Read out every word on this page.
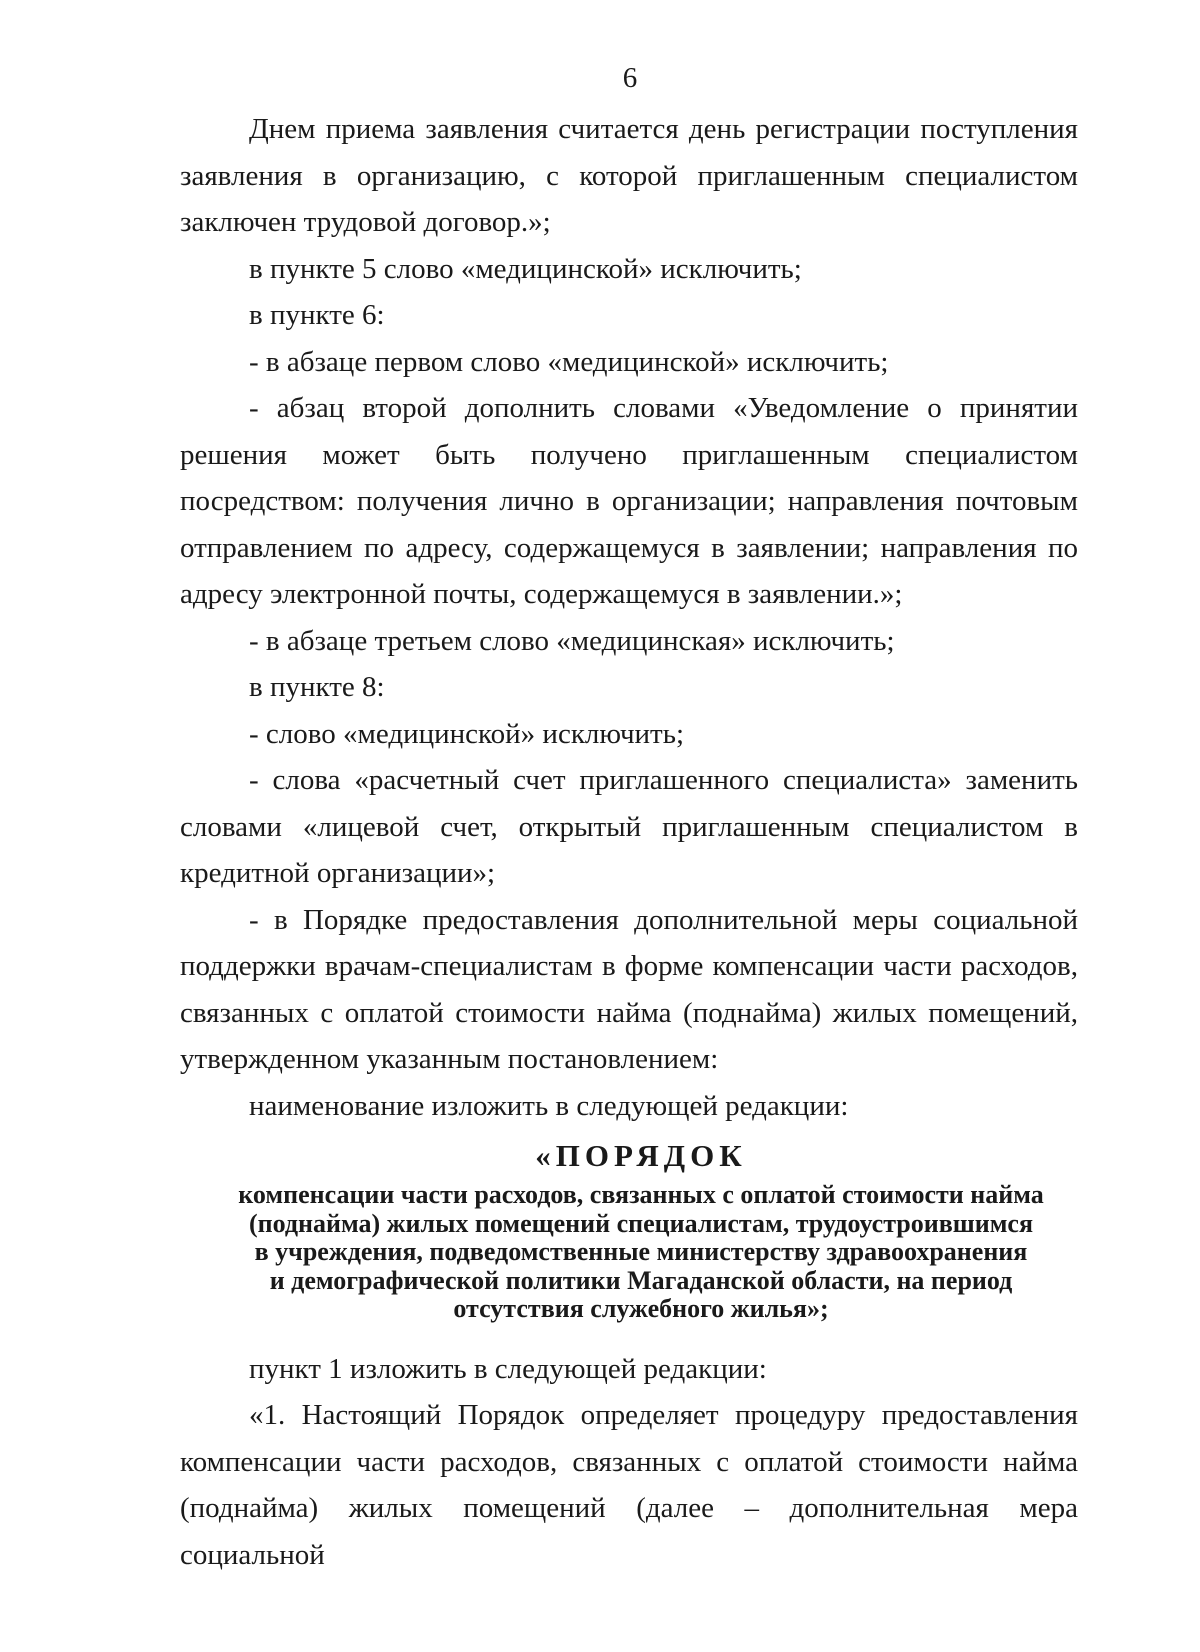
6

Днем приема заявления считается день регистрации поступления заявления в организацию, с которой приглашенным специалистом заключен трудовой договор.»;

в пункте 5 слово «медицинской» исключить;

в пункте 6:

- в абзаце первом слово «медицинской» исключить;

- абзац второй дополнить словами «Уведомление о принятии решения может быть получено приглашенным специалистом посредством: получения лично в организации; направления почтовым отправлением по адресу, содержащемуся в заявлении; направления по адресу электронной почты, содержащемуся в заявлении.»;

- в абзаце третьем слово «медицинская» исключить;

в пункте 8:

- слово «медицинской» исключить;

- слова «расчетный счет приглашенного специалиста» заменить словами «лицевой счет, открытый приглашенным специалистом в кредитной организации»;

- в Порядке предоставления дополнительной меры социальной поддержки врачам-специалистам в форме компенсации части расходов, связанных с оплатой стоимости найма (поднайма) жилых помещений, утвержденном указанным постановлением:

наименование изложить в следующей редакции:

«ПОРЯДОК
компенсации части расходов, связанных с оплатой стоимости найма
(поднайма) жилых помещений специалистам, трудоустроившимся
в учреждения, подведомственные министерству здравоохранения
и демографической политики Магаданской области, на период
отсутствия служебного жилья»;

пункт 1 изложить в следующей редакции:

«1. Настоящий Порядок определяет процедуру предоставления компенсации части расходов, связанных с оплатой стоимости найма (поднайма) жилых помещений (далее – дополнительная мера социальной
